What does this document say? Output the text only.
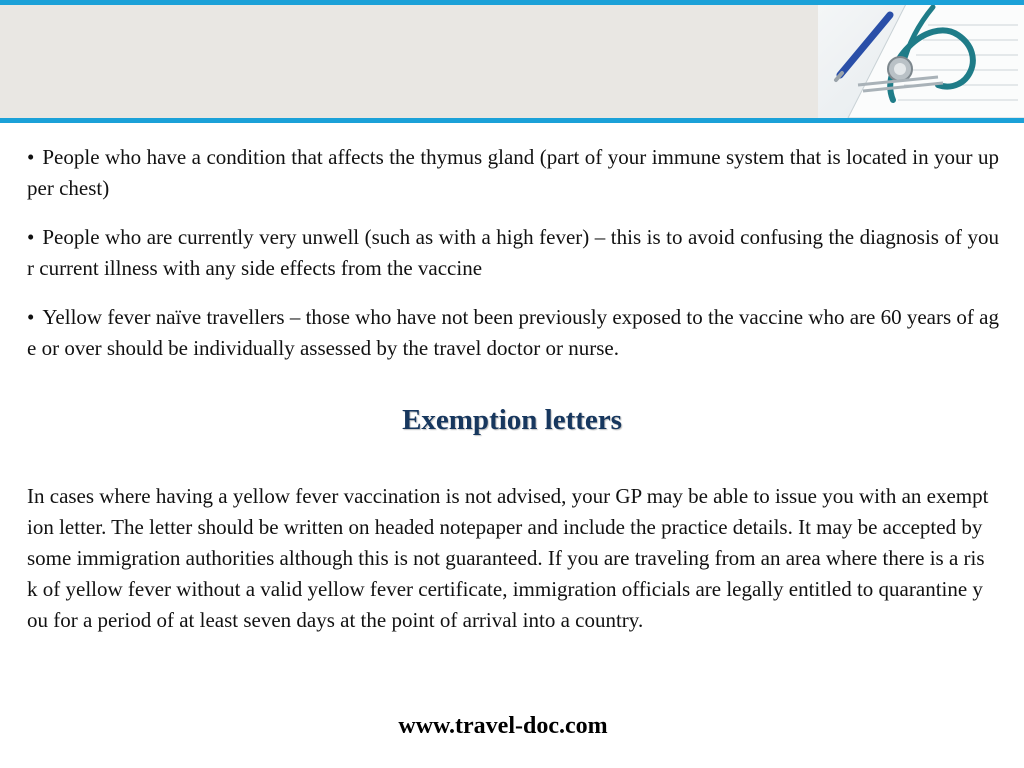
• People who have a condition that affects the thymus gland (part of your immune system that is located in your upper chest)

• People who are currently very unwell (such as with a high fever) – this is to avoid confusing the diagnosis of your current illness with any side effects from the vaccine

• Yellow fever naïve travellers – those who have not been previously exposed to the vaccine who are 60 years of age or over should be individually assessed by the travel doctor or nurse.

Exemption letters

In cases where having a yellow fever vaccination is not advised, your GP may be able to issue you with an exemption letter. The letter should be written on headed notepaper and include the practice details. It may be accepted by some immigration authorities although this is not guaranteed. If you are traveling from an area where there is a risk of yellow fever without a valid yellow fever certificate, immigration officials are legally entitled to quarantine you for a period of at least seven days at the point of arrival into a country.

www.travel-doc.com
